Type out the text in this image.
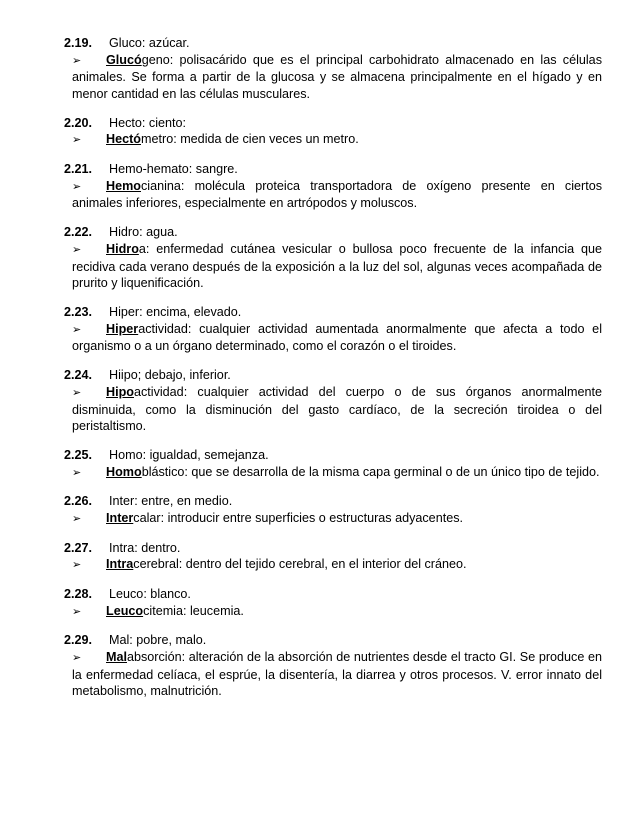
2.19.	Gluco: azúcar.
➢ Glucógeno: polisacárido que es el principal carbohidrato almacenado en las células animales. Se forma a partir de la glucosa y se almacena principalmente en el hígado y en menor cantidad en las células musculares.
2.20.	Hecto: ciento:
➢ Hectómetro: medida de cien veces un metro.
2.21.	Hemo-hemato: sangre.
➢ Hemocianina: molécula proteica transportadora de oxígeno presente en ciertos animales inferiores, especialmente en artrópodos y moluscos.
2.22.	Hidro: agua.
➢ Hidroa: enfermedad cutánea vesicular o bullosa poco frecuente de la infancia que recidiva cada verano después de la exposición a la luz del sol, algunas veces acompañada de prurito y liquenificación.
2.23.	Hiper: encima, elevado.
➢ Hiperactividad: cualquier actividad aumentada anormalmente que afecta a todo el organismo o a un órgano determinado, como el corazón o el tiroides.
2.24.	Hiipo; debajo, inferior.
➢ Hipoactividad: cualquier actividad del cuerpo o de sus órganos anormalmente disminuida, como la disminución del gasto cardíaco, de la secreción tiroidea o del peristaltismo.
2.25.	Homo: igualdad, semejanza.
➢ Homoblástico: que se desarrolla de la misma capa germinal o de un único tipo de tejido.
2.26.	Inter: entre, en medio.
➢ Intercalar: introducir entre superficies o estructuras adyacentes.
2.27.	Intra: dentro.
➢ Intracerebral: dentro del tejido cerebral, en el interior del cráneo.
2.28.	Leuco: blanco.
➢ Leucocitemia: leucemia.
2.29.	Mal: pobre, malo.
➢ Malabsorción: alteración de la absorción de nutrientes desde el tracto GI. Se produce en la enfermedad celíaca, el esprúe, la disentería, la diarrea y otros procesos. V. error innato del metabolismo, malnutrición.
